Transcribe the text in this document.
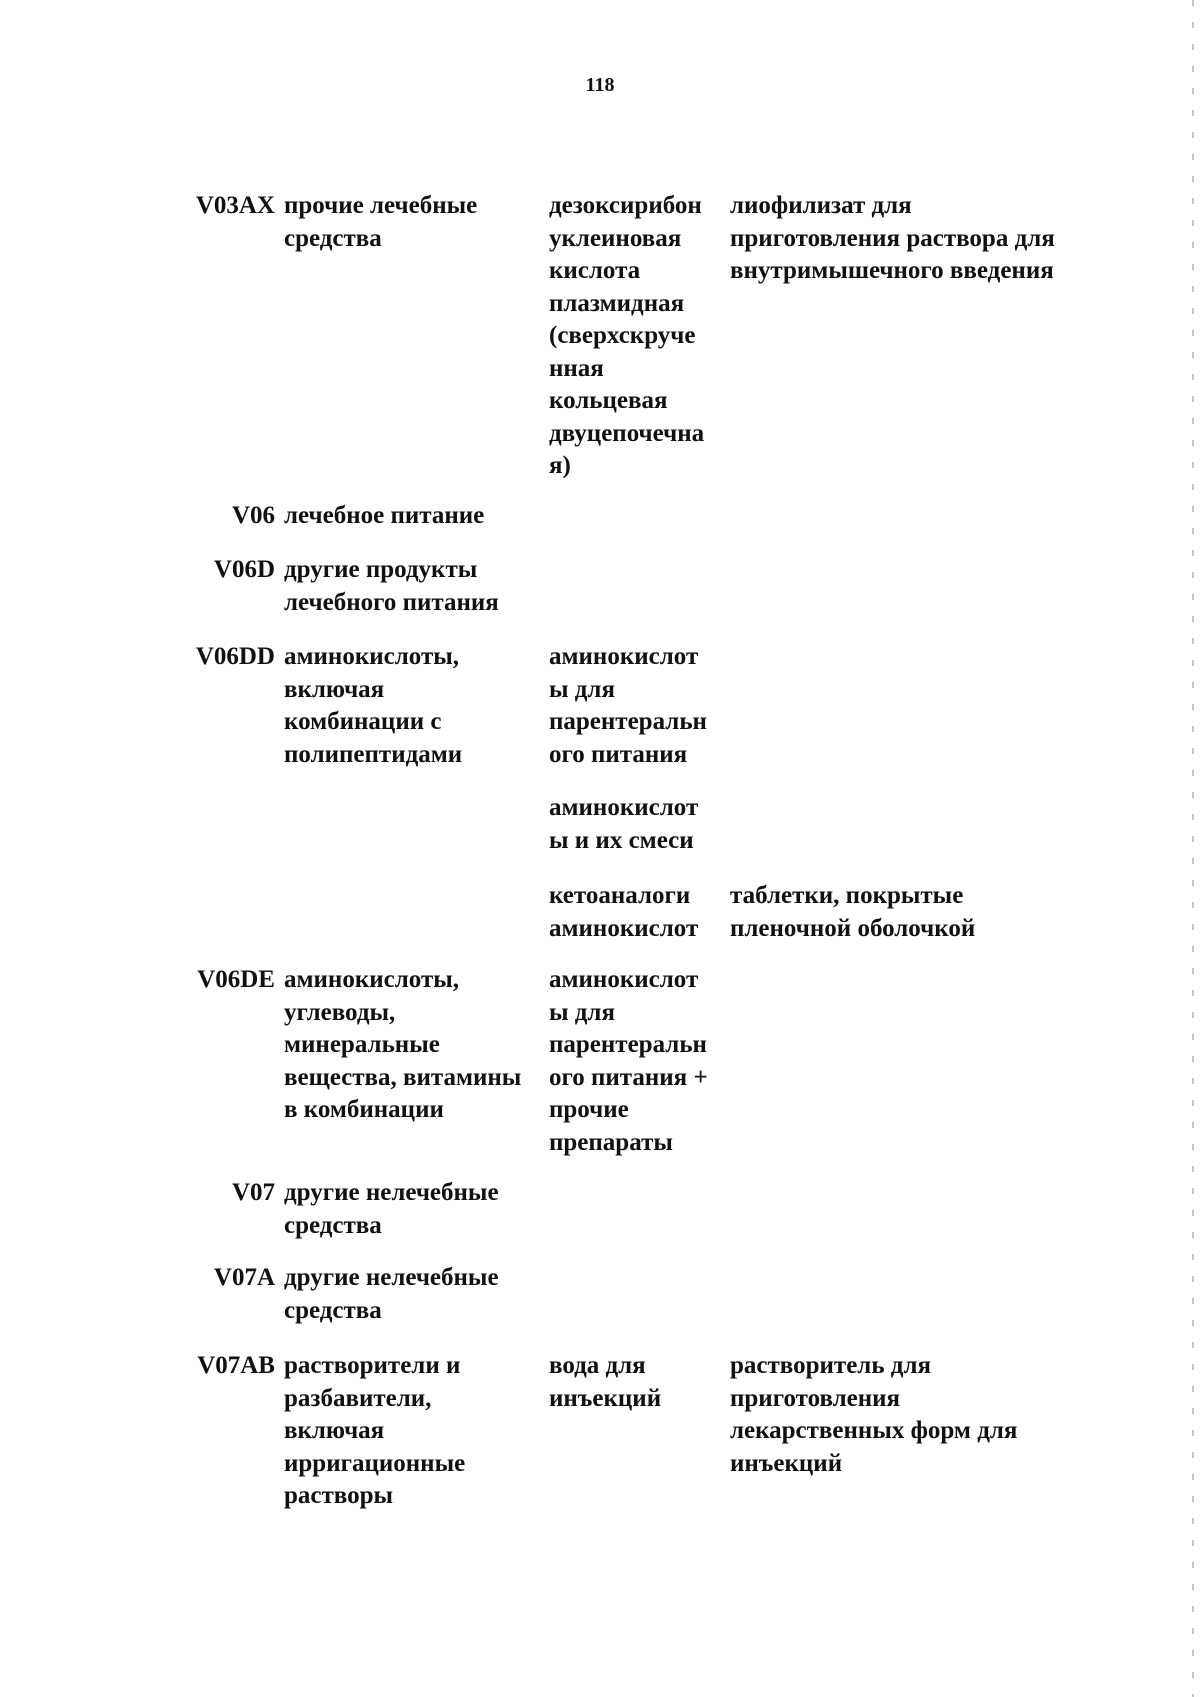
118
V03AX прочие лечебные
средства
дезоксирибон
уклеиновая
кислота
плазмидная
(сверхскруче
нная
кольцевая
двуцепочечна
я)
лиофилизат для
приготовления раствора для
внутримышечного введения
V06 лечебное питание
V06D другие продукты
лечебного питания
V06DD аминокислоты,
включая
комбинации с
полипептидами
аминокислот
ы для
парентеральн
ого питания
аминокислот
ы и их смеси
кетоаналоги
аминокислот
таблетки, покрытые
пленочной оболочкой
V06DE аминокислоты,
углеводы,
минеральные
вещества, витамины
в комбинации
аминокислот
ы для
парентеральн
ого питания +
прочие
препараты
V07 другие нелечебные
средства
V07A другие нелечебные
средства
V07AB растворители и
разбавители,
включая
ирригационные
растворы
вода для
инъекций
растворитель для
приготовления
лекарственных форм для
инъекций
